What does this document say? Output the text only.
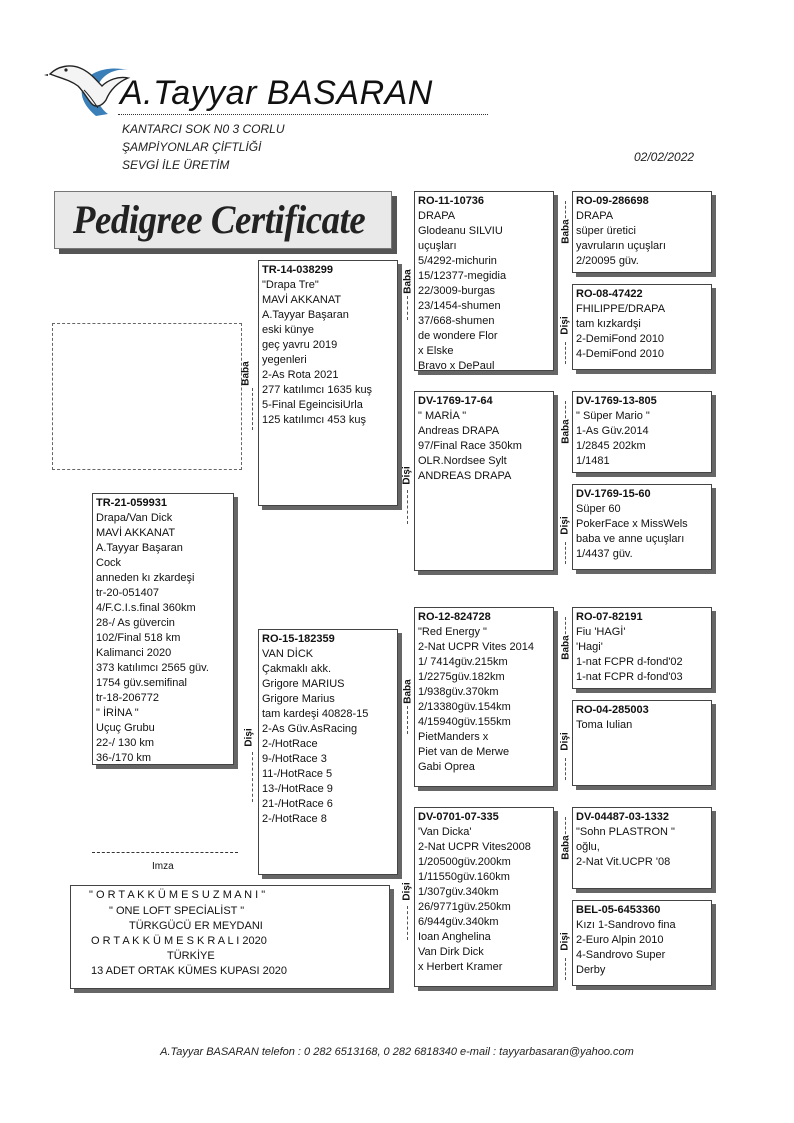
A.Tayyar BASARAN
KANTARCI SOK N0 3 CORLU
ŞAMPİYONLAR ÇİFTLİĞİ
SEVGİ İLE ÜRETİM
02/02/2022
Pedigree Certificate
TR-21-059931
Drapa/Van Dick
MAVİ AKKANAT
A.Tayyar Başaran
Cock
anneden kı zkardeşi
tr-20-051407
4/F.C.I.s.final 360km
28-/ As güvercin
102/Final 518 km
Kalimanci 2020
373 katılımcı 2565 güv.
1754 güv.semifinal
tr-18-206772
" İRİNA "
Uçuç Grubu
22-/ 130 km
36-/170 km
TR-14-038299
"Drapa Tre"
MAVİ AKKANAT
A.Tayyar Başaran
eski künye
geç yavru 2019
yegenleri
2-As Rota 2021
277 katılımcı 1635 kuş
5-Final EgeincisiUrla
125 katılımcı 453 kuş
RO-15-182359
VAN DİCK
Çakmaklı akk.
Grigore MARIUS
Grigore Marius
tam kardeşi 40828-15
2-As Güv.AsRacing
2-/HotRace
9-/HotRace 3
11-/HotRace 5
13-/HotRace 9
21-/HotRace 6
2-/HotRace 8
RO-11-10736
DRAPA
Glodeanu SILVIU
uçuşları
5/4292-michurin
15/12377-megidia
22/3009-burgas
23/1454-shumen
37/668-shumen
de wondere Flor
x Elske
Bravo x DePaul
DV-1769-17-64
" MARİA "
Andreas DRAPA
97/Final Race 350km
OLR.Nordsee Sylt
ANDREAS DRAPA
RO-12-824728
"Red Energy "
2-Nat UCPR Vites 2014
1/ 7414güv.215km
1/2275güv.182km
1/938güv.370km
2/13380güv.154km
4/15940güv.155km
PietManders x
Piet van de Merwe
Gabi Oprea
DV-0701-07-335
'Van Dicka'
2-Nat UCPR Vites2008
1/20500güv.200km
1/11550güv.160km
1/307güv.340km
26/9771güv.250km
6/944güv.340km
Ioan Anghelina
Van Dirk Dick
x Herbert Kramer
RO-09-286698
DRAPA
süper üretici
yavruların uçuşları
2/20095 güv.
RO-08-47422
FHILIPPE/DRAPA
tam kızkardşi
2-DemiFond 2010
4-DemiFond 2010
DV-1769-13-805
" Süper Mario "
1-As Güv.2014
1/2845 202km
1/1481
DV-1769-15-60
Süper 60
PokerFace x MissWels
baba ve anne uçuşları
1/4437 güv.
RO-07-82191
Fiu 'HAGİ'
'Hagi'
1-nat FCPR d-fond'02
1-nat FCPR d-fond'03
RO-04-285003
Toma Iulian
DV-04487-03-1332
"Sohn PLASTRON "
oğlu,
2-Nat Vit.UCPR '08
BEL-05-6453360
Kızı 1-Sandrovo fina
2-Euro Alpin 2010
4-Sandrovo Super
Derby
Baba
Dişi
Baba
Dişi
Baba
Dişi
Baba
Dişi
Baba
Dişi
Baba
Dişi
Baba
Dişi
Imza
" O R T A K K Ü M E S U Z M A N I "
" ONE LOFT SPECİALİST "
TÜRKGÜCÜ ER MEYDANI
O R T A K K Ü M E S K R A L I 2020
TÜRKİYE
13 ADET ORTAK KÜMES KUPASI 2020
A.Tayyar BASARAN telefon : 0 282 6513168, 0 282 6818340 e-mail : tayyarbasaran@yahoo.com
